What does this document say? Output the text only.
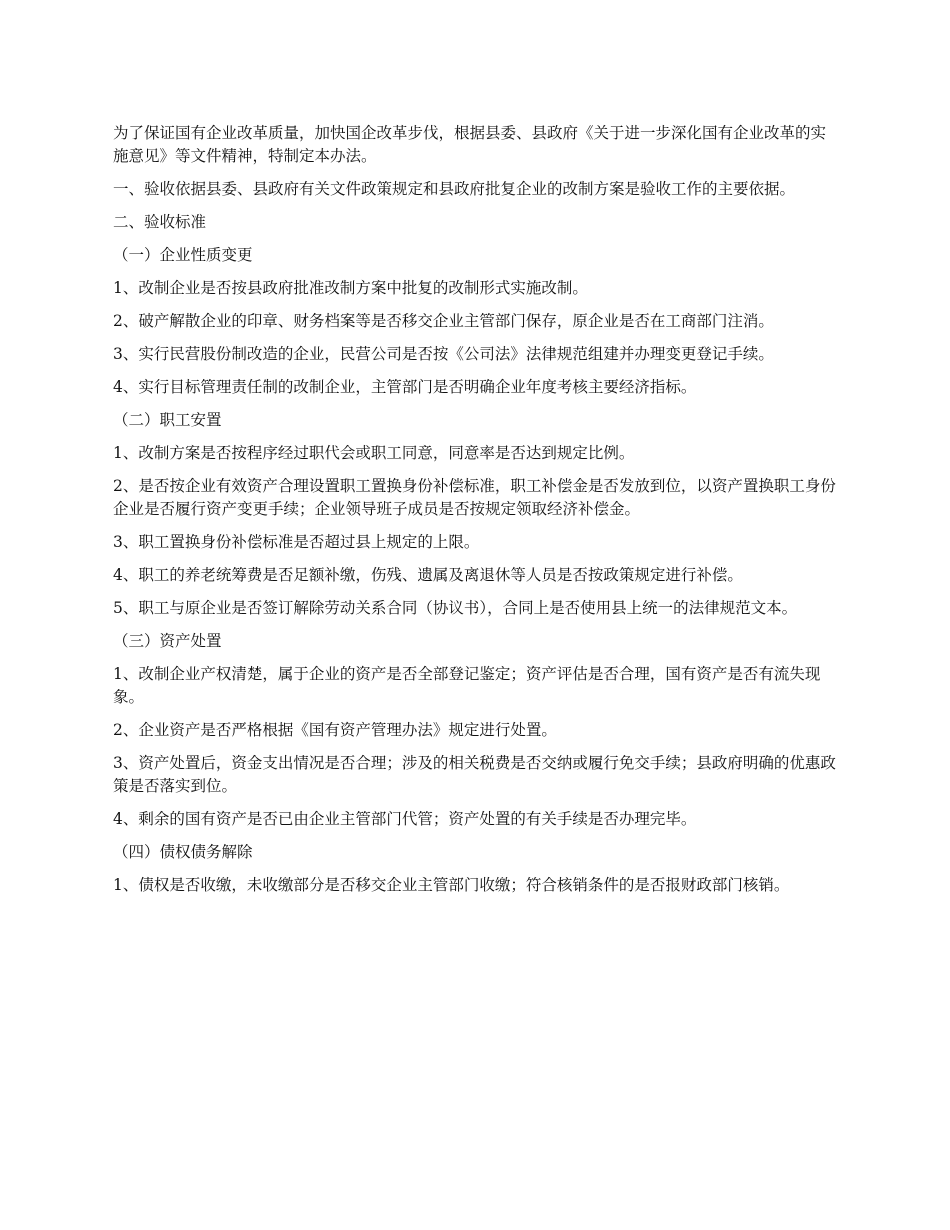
为了保证国有企业改革质量，加快国企改革步伐，根据县委、县政府《关于进一步深化国有企业改革的实施意见》等文件精神，特制定本办法。

一、验收依据县委、县政府有关文件政策规定和县政府批复企业的改制方案是验收工作的主要依据。

二、验收标准

（一）企业性质变更

1、改制企业是否按县政府批准改制方案中批复的改制形式实施改制。

2、破产解散企业的印章、财务档案等是否移交企业主管部门保存，原企业是否在工商部门注消。

3、实行民营股份制改造的企业，民营公司是否按《公司法》法律规范组建并办理变更登记手续。

4、实行目标管理责任制的改制企业，主管部门是否明确企业年度考核主要经济指标。

（二）职工安置

1、改制方案是否按程序经过职代会或职工同意，同意率是否达到规定比例。

2、是否按企业有效资产合理设置职工置换身份补偿标准，职工补偿金是否发放到位，以资产置换职工身份企业是否履行资产变更手续；企业领导班子成员是否按规定领取经济补偿金。

3、职工置换身份补偿标准是否超过县上规定的上限。

4、职工的养老统筹费是否足额补缴，伤残、遗属及离退休等人员是否按政策规定进行补偿。

5、职工与原企业是否签订解除劳动关系合同（协议书），合同上是否使用县上统一的法律规范文本。

（三）资产处置

1、改制企业产权清楚，属于企业的资产是否全部登记鉴定；资产评估是否合理，国有资产是否有流失现象。

2、企业资产是否严格根据《国有资产管理办法》规定进行处置。

3、资产处置后，资金支出情况是否合理；涉及的相关税费是否交纳或履行免交手续；县政府明确的优惠政策是否落实到位。

4、剩余的国有资产是否已由企业主管部门代管；资产处置的有关手续是否办理完毕。

（四）债权债务解除

1、债权是否收缴，未收缴部分是否移交企业主管部门收缴；符合核销条件的是否报财政部门核销。
